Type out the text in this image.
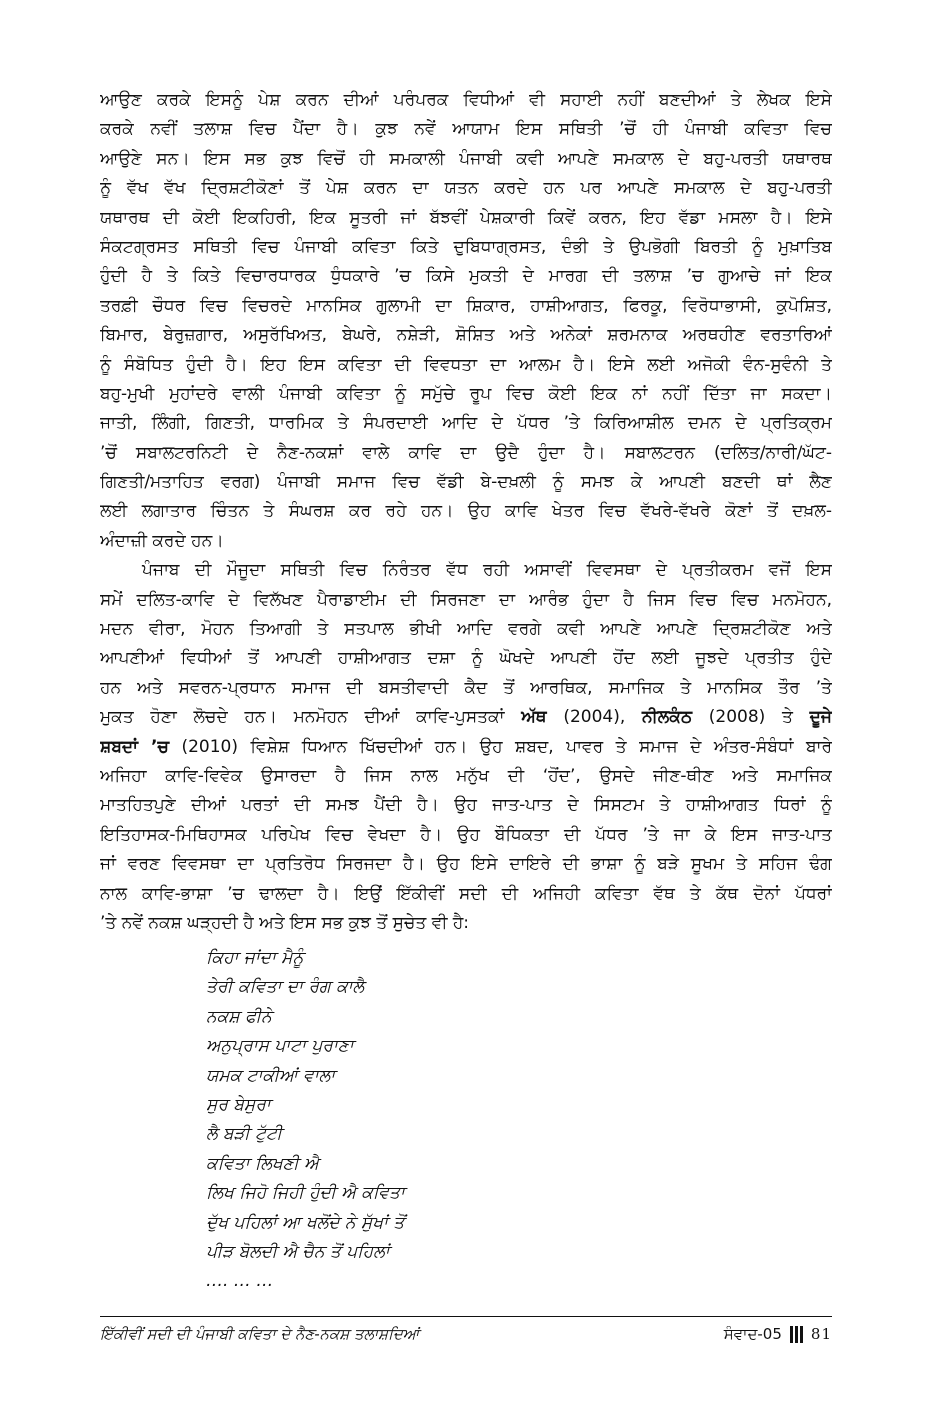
ਆਉਣ ਕਰਕੇ ਇਸਨੂੰ ਪੇਸ਼ ਕਰਨ ਦੀਆਂ ਪਰੰਪਰਕ ਵਿਧੀਆਂ ਵੀ ਸਹਾਈ ਨਹੀਂ ਬਣਦੀਆਂ ਤੇ ਲੇਖਕ ਇਸੇ
ਕਰਕੇ ਨਵੀਂ ਤਲਾਸ਼ ਵਿਚ ਪੈਂਦਾ ਹੈ। ਕੁਝ ਨਵੇਂ ਆਯਾਮ ਇਸ ਸਥਿਤੀ ’ਚੋਂ ਹੀ ਪੰਜਾਬੀ ਕਵਿਤਾ ਵਿਚ
ਆਉਣੇ ਸਨ। ਇਸ ਸਭ ਕੁਝ ਵਿਚੋਂ ਹੀ ਸਮਕਾਲੀ ਪੰਜਾਬੀ ਕਵੀ ਆਪਣੇ ਸਮਕਾਲ ਦੇ ਬਹੁ-ਪਰਤੀ ਯਥਾਰਥ
ਨੂੰ ਵੱਖ ਵੱਖ ਦ੍ਰਿਸ਼ਟੀਕੋਣਾਂ ਤੋਂ ਪੇਸ਼ ਕਰਨ ਦਾ ਯਤਨ ਕਰਦੇ ਹਨ ਪਰ ਆਪਣੇ ਸਮਕਾਲ ਦੇ ਬਹੁ-ਪਰਤੀ
ਯਥਾਰਥ ਦੀ ਕੋਈ ਇਕਹਿਰੀ, ਇਕ ਸੂਤਰੀ ਜਾਂ ਬੱਝਵੀਂ ਪੇਸ਼ਕਾਰੀ ਕਿਵੇਂ ਕਰਨ, ਇਹ ਵੱਡਾ ਮਸਲਾ ਹੈ। ਇਸੇ
ਸੰਕਟਗ੍ਰਸਤ ਸਥਿਤੀ ਵਿਚ ਪੰਜਾਬੀ ਕਵਿਤਾ ਕਿਤੇ ਦੁਬਿਧਾਗ੍ਰਸਤ, ਦੰਭੀ ਤੇ ਉਪਭੋਗੀ ਬਿਰਤੀ ਨੂੰ ਮੁਖ਼ਾਤਿਬ
ਹੁੰਦੀ ਹੈ ਤੇ ਕਿਤੇ ਵਿਚਾਰਧਾਰਕ ਧੁੰਧਕਾਰੇ ’ਚ ਕਿਸੇ ਮੁਕਤੀ ਦੇ ਮਾਰਗ ਦੀ ਤਲਾਸ਼ ’ਚ ਗੁਆਚੇ ਜਾਂ ਇਕ
ਤਰਫ਼ੀ ਚੌਧਰ ਵਿਚ ਵਿਚਰਦੇ ਮਾਨਸਿਕ ਗੁਲਾਮੀ ਦਾ ਸ਼ਿਕਾਰ, ਹਾਸ਼ੀਆਗਤ, ਫਿਰਕੂ, ਵਿਰੋਧਾਭਾਸੀ, ਕੁਪੋਸ਼ਿਤ,
ਬਿਮਾਰ, ਬੇਰੁਜ਼ਗਾਰ, ਅਸੁਰੱਖਿਅਤ, ਬੇਘਰੇ, ਨਸ਼ੇੜੀ, ਸ਼ੋਸ਼ਿਤ ਅਤੇ ਅਨੇਕਾਂ ਸ਼ਰਮਨਾਕ ਅਰਥਹੀਣ ਵਰਤਾਰਿਆਂ
ਨੂੰ ਸੰਬੋਧਿਤ ਹੁੰਦੀ ਹੈ। ਇਹ ਇਸ ਕਵਿਤਾ ਦੀ ਵਿਵਧਤਾ ਦਾ ਆਲਮ ਹੈ। ਇਸੇ ਲਈ ਅਜੋਕੀ ਵੰਨ-ਸੁਵੰਨੀ ਤੇ
ਬਹੁ-ਮੁਖੀ ਮੁਹਾਂਦਰੇ ਵਾਲੀ ਪੰਜਾਬੀ ਕਵਿਤਾ ਨੂੰ ਸਮੁੱਚੇ ਰੂਪ ਵਿਚ ਕੋਈ ਇਕ ਨਾਂ ਨਹੀਂ ਦਿੱਤਾ ਜਾ ਸਕਦਾ।
ਜਾਤੀ, ਲਿੰਗੀ, ਗਿਣਤੀ, ਧਾਰਮਿਕ ਤੇ ਸੰਪਰਦਾਈ ਆਦਿ ਦੇ ਪੱਧਰ ’ਤੇ ਕਿਰਿਆਸ਼ੀਲ ਦਮਨ ਦੇ ਪ੍ਰਤਿਕ੍ਰਮ
’ਚੋਂ ਸਬਾਲਟਰਨਿਟੀ ਦੇ ਨੈਣ-ਨਕਸ਼ਾਂ ਵਾਲੇ ਕਾਵਿ ਦਾ ਉਦੈ ਹੁੰਦਾ ਹੈ। ਸਬਾਲਟਰਨ (ਦਲਿਤ/ਨਾਰੀ/ਘੱਟ-
ਗਿਣਤੀ/ਮਤਾਹਿਤ ਵਰਗ) ਪੰਜਾਬੀ ਸਮਾਜ ਵਿਚ ਵੱਡੀ ਬੇ-ਦਖ਼ਲੀ ਨੂੰ ਸਮਝ ਕੇ ਆਪਣੀ ਬਣਦੀ ਥਾਂ ਲੈਣ
ਲਈ ਲਗਾਤਾਰ ਚਿੰਤਨ ਤੇ ਸੰਘਰਸ਼ ਕਰ ਰਹੇ ਹਨ। ਉਹ ਕਾਵਿ ਖੇਤਰ ਵਿਚ ਵੱਖਰੇ-ਵੱਖਰੇ ਕੋਣਾਂ ਤੋਂ ਦਖ਼ਲ-
ਅੰਦਾਜ਼ੀ ਕਰਦੇ ਹਨ।
ਪੰਜਾਬ ਦੀ ਮੌਜੂਦਾ ਸਥਿਤੀ ਵਿਚ ਨਿਰੰਤਰ ਵੱਧ ਰਹੀ ਅਸਾਵੀਂ ਵਿਵਸਥਾ ਦੇ ਪ੍ਰਤੀਕਰਮ ਵਜੋਂ ਇਸ
ਸਮੇਂ ਦਲਿਤ-ਕਾਵਿ ਦੇ ਵਿਲੱਖਣ ਪੈਰਾਡਾਈਮ ਦੀ ਸਿਰਜਣਾ ਦਾ ਆਰੰਭ ਹੁੰਦਾ ਹੈ ਜਿਸ ਵਿਚ ਵਿਚ ਮਨਮੋਹਨ,
ਮਦਨ ਵੀਰਾ, ਮੋਹਨ ਤਿਆਗੀ ਤੇ ਸਤਪਾਲ ਭੀਖੀ ਆਦਿ ਵਰਗੇ ਕਵੀ ਆਪਣੇ ਆਪਣੇ ਦ੍ਰਿਸ਼ਟੀਕੋਣ ਅਤੇ
ਆਪਣੀਆਂ ਵਿਧੀਆਂ ਤੋਂ ਆਪਣੀ ਹਾਸ਼ੀਆਗਤ ਦਸ਼ਾ ਨੂੰ ਘੋਖਦੇ ਆਪਣੀ ਹੋਂਦ ਲਈ ਜੂਝਦੇ ਪ੍ਰਤੀਤ ਹੁੰਦੇ
ਹਨ ਅਤੇ ਸਵਰਨ-ਪ੍ਰਧਾਨ ਸਮਾਜ ਦੀ ਬਸਤੀਵਾਦੀ ਕੈਦ ਤੋਂ ਆਰਥਿਕ, ਸਮਾਜਿਕ ਤੇ ਮਾਨਸਿਕ ਤੌਰ ’ਤੇ
ਮੁਕਤ ਹੋਣਾ ਲੋਚਦੇ ਹਨ। ਮਨਮੋਹਨ ਦੀਆਂ ਕਾਵਿ-ਪੁਸਤਕਾਂ ਅੱਥ (2004), ਨੀਲਕੰਠ (2008) ਤੇ ਦੂਜੇ
ਸ਼ਬਦਾਂ ’ਚ (2010) ਵਿਸ਼ੇਸ਼ ਧਿਆਨ ਖਿੱਚਦੀਆਂ ਹਨ। ਉਹ ਸ਼ਬਦ, ਪਾਵਰ ਤੇ ਸਮਾਜ ਦੇ ਅੰਤਰ-ਸੰਬੰਧਾਂ ਬਾਰੇ
ਅਜਿਹਾ ਕਾਵਿ-ਵਿਵੇਕ ਉਸਾਰਦਾ ਹੈ ਜਿਸ ਨਾਲ ਮਨੁੱਖ ਦੀ ‘ਹੋਂਦ’, ਉਸਦੇ ਜੀਣ-ਥੀਣ ਅਤੇ ਸਮਾਜਿਕ
ਮਾਤਹਿਤਪੁਣੇ ਦੀਆਂ ਪਰਤਾਂ ਦੀ ਸਮਝ ਪੈਂਦੀ ਹੈ। ਉਹ ਜਾਤ-ਪਾਤ ਦੇ ਸਿਸਟਮ ਤੇ ਹਾਸ਼ੀਆਗਤ ਧਿਰਾਂ ਨੂੰ
ਇਤਿਹਾਸਕ-ਮਿਥਿਹਾਸਕ ਪਰਿਪੇਖ ਵਿਚ ਵੇਖਦਾ ਹੈ। ਉਹ ਬੌਧਿਕਤਾ ਦੀ ਪੱਧਰ ’ਤੇ ਜਾ ਕੇ ਇਸ ਜਾਤ-ਪਾਤ
ਜਾਂ ਵਰਣ ਵਿਵਸਥਾ ਦਾ ਪ੍ਰਤਿਰੋਧ ਸਿਰਜਦਾ ਹੈ। ਉਹ ਇਸੇ ਦਾਇਰੇ ਦੀ ਭਾਸ਼ਾ ਨੂੰ ਬੜੇ ਸੂਖਮ ਤੇ ਸਹਿਜ ਢੰਗ
ਨਾਲ ਕਾਵਿ-ਭਾਸ਼ਾ ’ਚ ਢਾਲਦਾ ਹੈ। ਇਉਂ ਇੱਕੀਵੀਂ ਸਦੀ ਦੀ ਅਜਿਹੀ ਕਵਿਤਾ ਵੱਥ ਤੇ ਕੱਥ ਦੋਨਾਂ ਪੱਧਰਾਂ
’ਤੇ ਨਵੇਂ ਨਕਸ਼ ਘੜ੍ਹਦੀ ਹੈ ਅਤੇ ਇਸ ਸਭ ਕੁਝ ਤੋਂ ਸੁਚੇਤ ਵੀ ਹੈ:
ਕਿਹਾ ਜਾਂਦਾ ਮੈਨੂੰ
ਤੇਰੀ ਕਵਿਤਾ ਦਾ ਰੰਗ ਕਾਲੈ
ਨਕਸ਼ ਫੀਨੇ
ਅਨੁਪ੍ਰਾਸ ਪਾਟਾ ਪੁਰਾਣਾ
ਯਮਕ ਟਾਕੀਆਂ ਵਾਲਾ
ਸੁਰ ਬੇਸੁਰਾ
ਲੈ ਬੜੀ ਟੁੱਟੀ
ਕਵਿਤਾ ਲਿਖਣੀ ਐ
ਲਿਖ ਜਿਹੋ ਜਿਹੀ ਹੁੰਦੀ ਐ ਕਵਿਤਾ
ਦੁੱਖ ਪਹਿਲਾਂ ਆ ਖਲੋਂਦੇ ਨੇ ਸੁੱਖਾਂ ਤੋਂ
ਪੀੜ ਬੋਲਦੀ ਐ ਚੈਨ ਤੋਂ ਪਹਿਲਾਂ
…. … …
ਇੱਕੀਵੀਂ ਸਦੀ ਦੀ ਪੰਜਾਬੀ ਕਵਿਤਾ ਦੇ ਨੈਣ-ਨਕਸ਼ ਤਲਾਸ਼ਦਿਆਂ	ਸੰਵਾਦ-05 81
